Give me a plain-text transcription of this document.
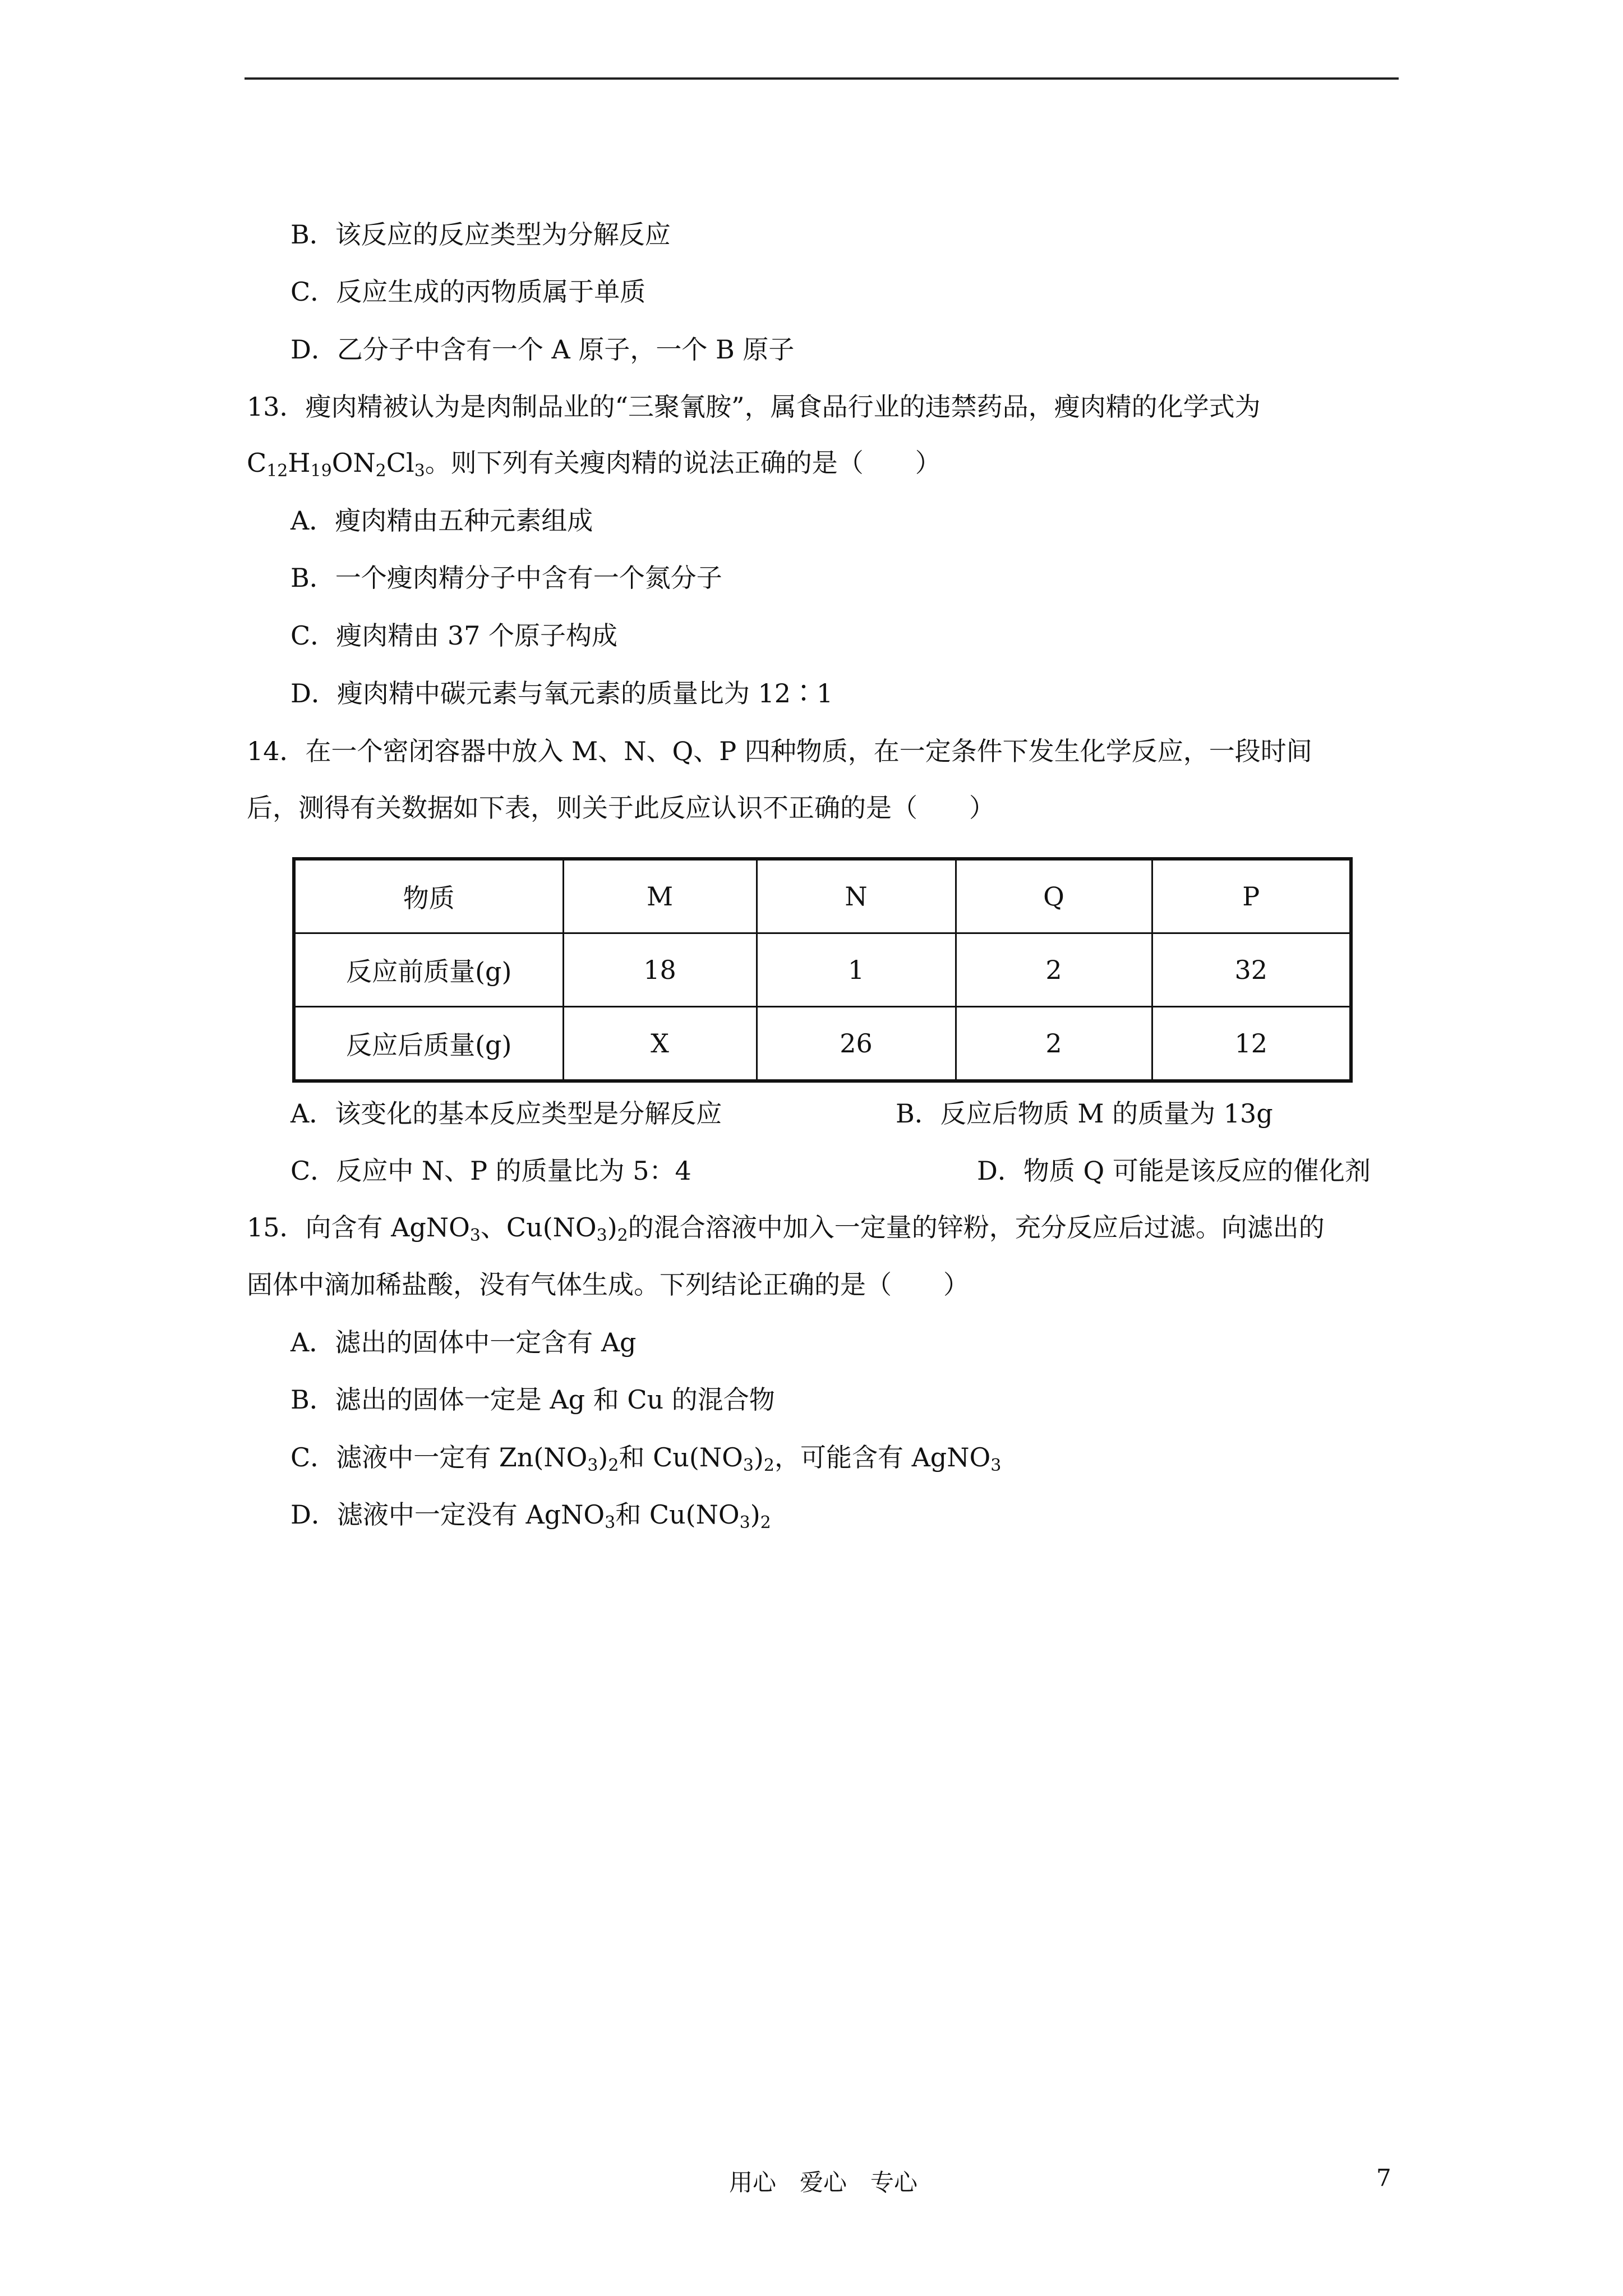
B．该反应的反应类型为分解反应
C．反应生成的丙物质属于单质
D．乙分子中含有一个 A 原子，一个 B 原子
13．瘦肉精被认为是肉制品业的“三聚氰胺”，属食品行业的违禁药品，瘦肉精的化学式为
$C_{12}H_{19}ON_2Cl_3$。则下列有关瘦肉精的说法正确的是（　　）
A．瘦肉精由五种元素组成
B．一个瘦肉精分子中含有一个氮分子
C．瘦肉精由 37 个原子构成
D．瘦肉精中碳元素与氧元素的质量比为 12∶1
14．在一个密闭容器中放入 M、N、Q、P 四种物质，在一定条件下发生化学反应，一段时间
后，测得有关数据如下表，则关于此反应认识不正确的是（　　）
物质	M	N	Q	P
反应前质量(g)	18	1	2	32
反应后质量(g)	X	26	2	12
A．该变化的基本反应类型是分解反应	B．反应后物质 M 的质量为 13g
C．反应中 N、P 的质量比为 5：4	D．物质 Q 可能是该反应的催化剂
15．向含有 AgNO$_3$、$Cu(NO_3)_2$的混合溶液中加入一定量的锌粉，充分反应后过滤。向滤出的
固体中滴加稀盐酸，没有气体生成。下列结论正确的是（　　）
A．滤出的固体中一定含有 Ag
B．滤出的固体一定是 Ag 和 Cu 的混合物
C．滤液中一定有 $Zn(NO_3)_2$和 $Cu(NO_3)_2$，可能含有 AgNO$_3$
D．滤液中一定没有 AgNO$_3$和 $Cu(NO_3)_2$
用心　爱心　专心	7
